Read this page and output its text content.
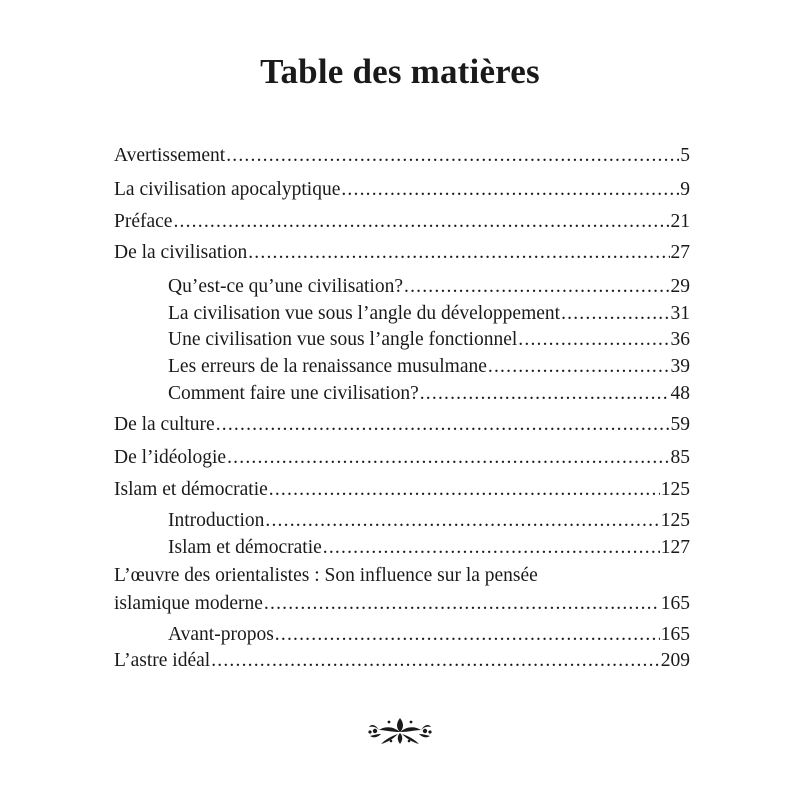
Table des matières
Avertissement .....	5
La civilisation apocalyptique .....	9
Préface .....	21
De la civilisation .....	27
Qu’est-ce qu’une civilisation? .....	29
La civilisation vue sous l’angle du développement .....	31
Une civilisation vue sous l’angle fonctionnel .....	36
Les erreurs de la renaissance musulmane .....	39
Comment faire une civilisation? .....	48
De la culture .....	59
De l’idéologie .....	85
Islam et démocratie .....	125
Introduction .....	125
Islam et démocratie .....	127
L’œuvre des orientalistes : Son influence sur la pensée
islamique moderne .....	165
Avant-propos .....	165
L’astre idéal .....	209
